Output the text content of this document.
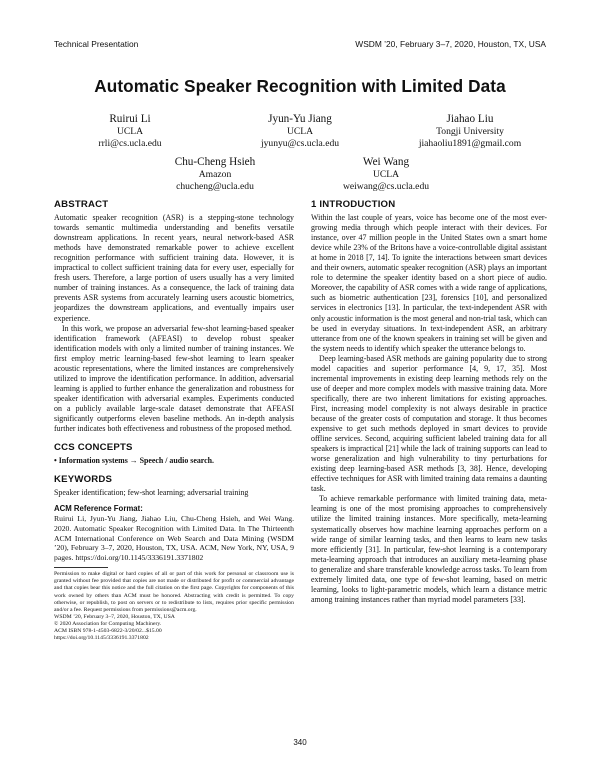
Technical Presentation	WSDM ’20, February 3–7, 2020, Houston, TX, USA
Automatic Speaker Recognition with Limited Data
Ruirui Li
UCLA
rrli@cs.ucla.edu
Jyun-Yu Jiang
UCLA
jyunyu@cs.ucla.edu
Jiahao Liu
Tongji University
jiahaoliu1891@gmail.com
Chu-Cheng Hsieh
Amazon
chucheng@ucla.edu
Wei Wang
UCLA
weiwang@cs.ucla.edu
ABSTRACT

Automatic speaker recognition (ASR) is a stepping-stone technology towards semantic multimedia understanding and benefits versatile downstream applications. In recent years, neural network-based ASR methods have demonstrated remarkable power to achieve excellent recognition performance with sufficient training data. However, it is impractical to collect sufficient training data for every user, especially for fresh users. Therefore, a large portion of users usually has a very limited number of training instances. As a consequence, the lack of training data prevents ASR systems from accurately learning users acoustic biometrics, jeopardizes the downstream applications, and eventually impairs user experience.

In this work, we propose an adversarial few-shot learning-based speaker identification framework (AFEASI) to develop robust speaker identification models with only a limited number of training instances. We first employ metric learning-based few-shot learning to learn speaker acoustic representations, where the limited instances are comprehensively utilized to improve the identification performance. In addition, adversarial learning is applied to further enhance the generalization and robustness for speaker identification with adversarial examples. Experiments conducted on a publicly available large-scale dataset demonstrate that AFEASI significantly outperforms eleven baseline methods. An in-depth analysis further indicates both effectiveness and robustness of the proposed method.

CCS CONCEPTS
• Information systems → Speech / audio search.
KEYWORDS
Speaker identification; few-shot learning; adversarial training
ACM Reference Format:
Ruirui Li, Jyun-Yu Jiang, Jiahao Liu, Chu-Cheng Hsieh, and Wei Wang. 2020. Automatic Speaker Recognition with Limited Data. In The Thirteenth ACM International Conference on Web Search and Data Mining (WSDM ’20), February 3–7, 2020, Houston, TX, USA. ACM, New York, NY, USA, 9 pages. https://doi.org/10.1145/3336191.3371802

Permission to make digital or hard copies of all or part of this work for personal or classroom use is granted without fee provided that copies are not made or distributed for profit or commercial advantage and that copies bear this notice and the full citation on the first page. Copyrights for components of this work owned by others than ACM must be honored. Abstracting with credit is permitted. To copy otherwise, or republish, to post on servers or to redistribute to lists, requires prior specific permission and/or a fee. Request permissions from permissions@acm.org.

WSDM ’20, February 3–7, 2020, Houston, TX, USA

© 2020 Association for Computing Machinery.

ACM ISBN 978-1-4503-6822-3/20/02...$15.00

https://doi.org/10.1145/3336191.3371802

1 INTRODUCTION

Within the last couple of years, voice has become one of the most ever-growing media through which people interact with their devices. For instance, over 47 million people in the United States own a smart home device while 23% of the Britons have a voice-controllable digital assistant at home in 2018 [7, 14]. To ignite the interactions between smart devices and their owners, automatic speaker recognition (ASR) plays an important role to determine the speaker identity based on a short piece of audio. Moreover, the capability of ASR comes with a wide range of applications, such as biometric authentication [23], forensics [10], and personalized services in electronics [13]. In particular, the text-independent ASR with only acoustic information is the most general and non-trial task, which can be used in everyday situations. In text-independent ASR, an arbitrary utterance from one of the known speakers in training set will be given and the system needs to identify which speaker the utterance belongs to.

Deep learning-based ASR methods are gaining popularity due to strong model capacities and superior performance [4, 9, 17, 35]. Most incremental improvements in existing deep learning methods rely on the use of deeper and more complex models with massive training data. More specifically, there are two inherent limitations for existing approaches. First, increasing model complexity is not always desirable in practice because of the greater costs of computation and storage. It thus becomes expensive to get such methods deployed in smart devices to provide offline services. Second, acquiring sufficient labeled training data for all speakers is impractical [21] while the lack of training supports can lead to worse generalization and high vulnerability to tiny perturbations for existing deep learning-based ASR methods [3, 38]. Hence, developing effective techniques for ASR with limited training data remains a daunting task.

To achieve remarkable performance with limited training data, meta-learning is one of the most promising approaches to comprehensively utilize the limited training instances. More specifically, meta-learning systematically observes how machine learning approaches perform on a wide range of similar learning tasks, and then learns to learn new tasks more efficiently [31]. In particular, few-shot learning is a contemporary meta-learning approach that introduces an auxiliary meta-learning phase to generalize and share transferable knowledge across tasks. To learn from extremely limited data, one type of few-shot learning, based on metric learning, looks to light-parametric models, which learn a distance metric among training instances rather than myriad model parameters [33].

340
